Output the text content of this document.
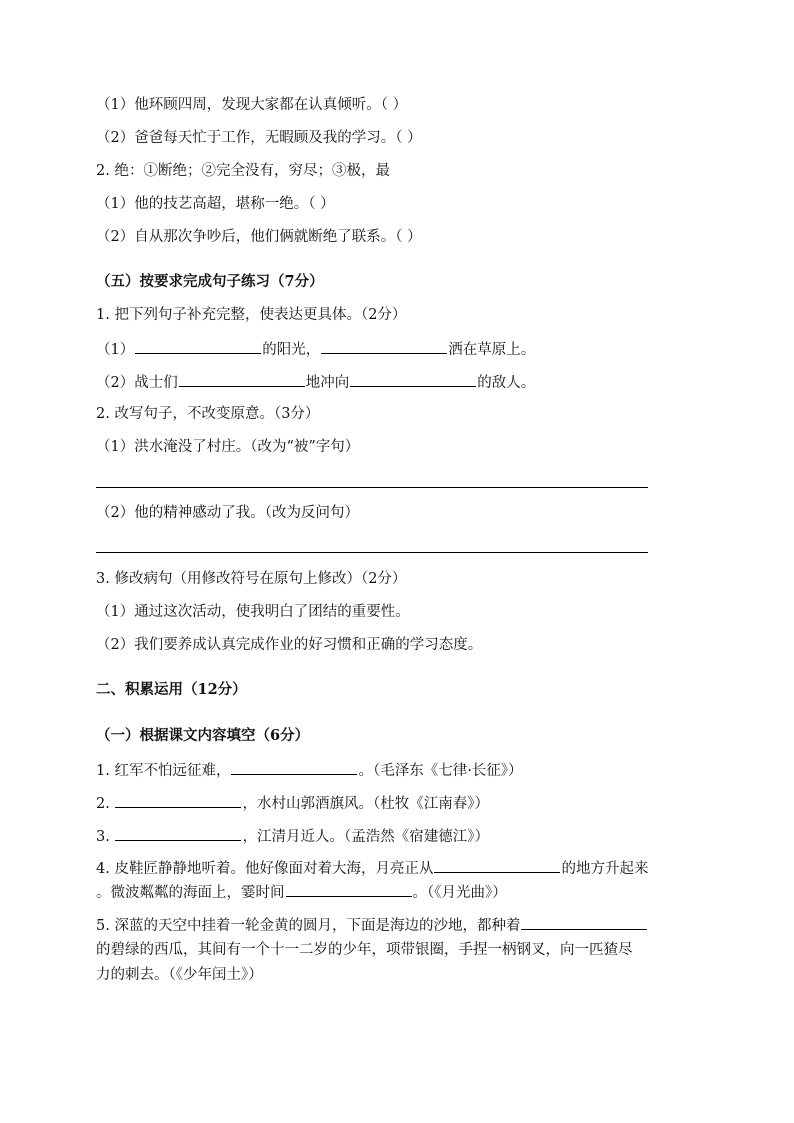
（1）他环顾四周，发现大家都在认真倾听。（ ）
（2）爸爸每天忙于工作，无暇顾及我的学习。（ ）
2. 绝：①断绝；②完全没有，穷尽；③极，最
（1）他的技艺高超，堪称一绝。（ ）
（2）自从那次争吵后，他们俩就断绝了联系。（ ）
（五）按要求完成句子练习（7分）
1. 把下列句子补充完整，使表达更具体。（2分）
（1）	的阳光，	洒在草原上。
（2）战士们	地冲向	的敌人。
2. 改写句子，不改变原意。（3分）
（1）洪水淹没了村庄。（改为“被”字句）
（2）他的精神感动了我。（改为反问句）
3. 修改病句（用修改符号在原句上修改）（2分）
（1）通过这次活动，使我明白了团结的重要性。
（2）我们要养成认真完成作业的好习惯和正确的学习态度。
二、积累运用（12分）
（一）根据课文内容填空（6分）
1. 红军不怕远征难，	。（毛泽东《七律·长征》）
2.	，水村山郭酒旗风。（杜牧《江南春》）
3.	，江清月近人。（孟浩然《宿建德江》）
4. 皮鞋匠静静地听着。他好像面对着大海，月亮正从	的地方升起来
。微波粼粼的海面上，霎时间	。（《月光曲》）
5. 深蓝的天空中挂着一轮金黄的圆月，下面是海边的沙地，都种着
的碧绿的西瓜，其间有一个十一二岁的少年，项带银圈，手捏一柄钢叉，向一匹猹尽
力的刺去。（《少年闰土》）
